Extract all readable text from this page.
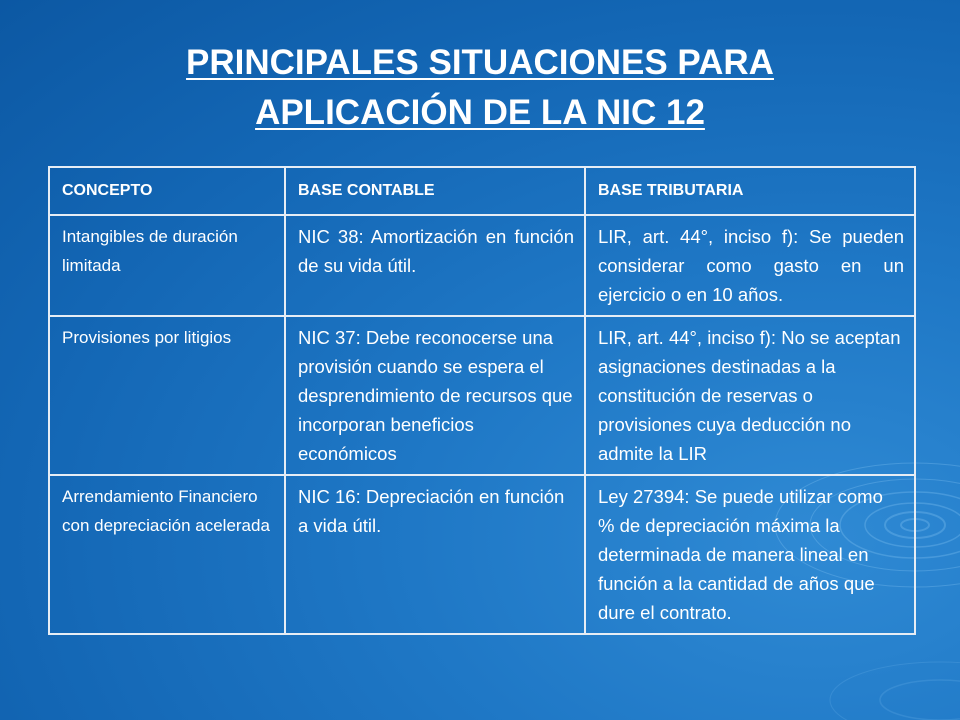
PRINCIPALES SITUACIONES PARA
APLICACIÓN DE LA NIC 12
CONCEPTO	BASE CONTABLE	BASE TRIBUTARIA
Intangibles de duración limitada	NIC 38: Amortización en función de su vida útil.	LIR, art. 44°, inciso f): Se pueden considerar como gasto en un ejercicio o en 10 años.
Provisiones por litigios	NIC 37: Debe reconocerse una provisión cuando se espera el desprendimiento de recursos que incorporan beneficios económicos	LIR, art. 44°, inciso f): No se aceptan asignaciones destinadas a la constitución de reservas o provisiones cuya deducción no admite la LIR
Arrendamiento Financiero con depreciación acelerada	NIC 16: Depreciación en función a vida útil.	Ley 27394: Se puede utilizar como % de depreciación máxima la determinada de manera lineal en función a la cantidad de años que dure el contrato.
